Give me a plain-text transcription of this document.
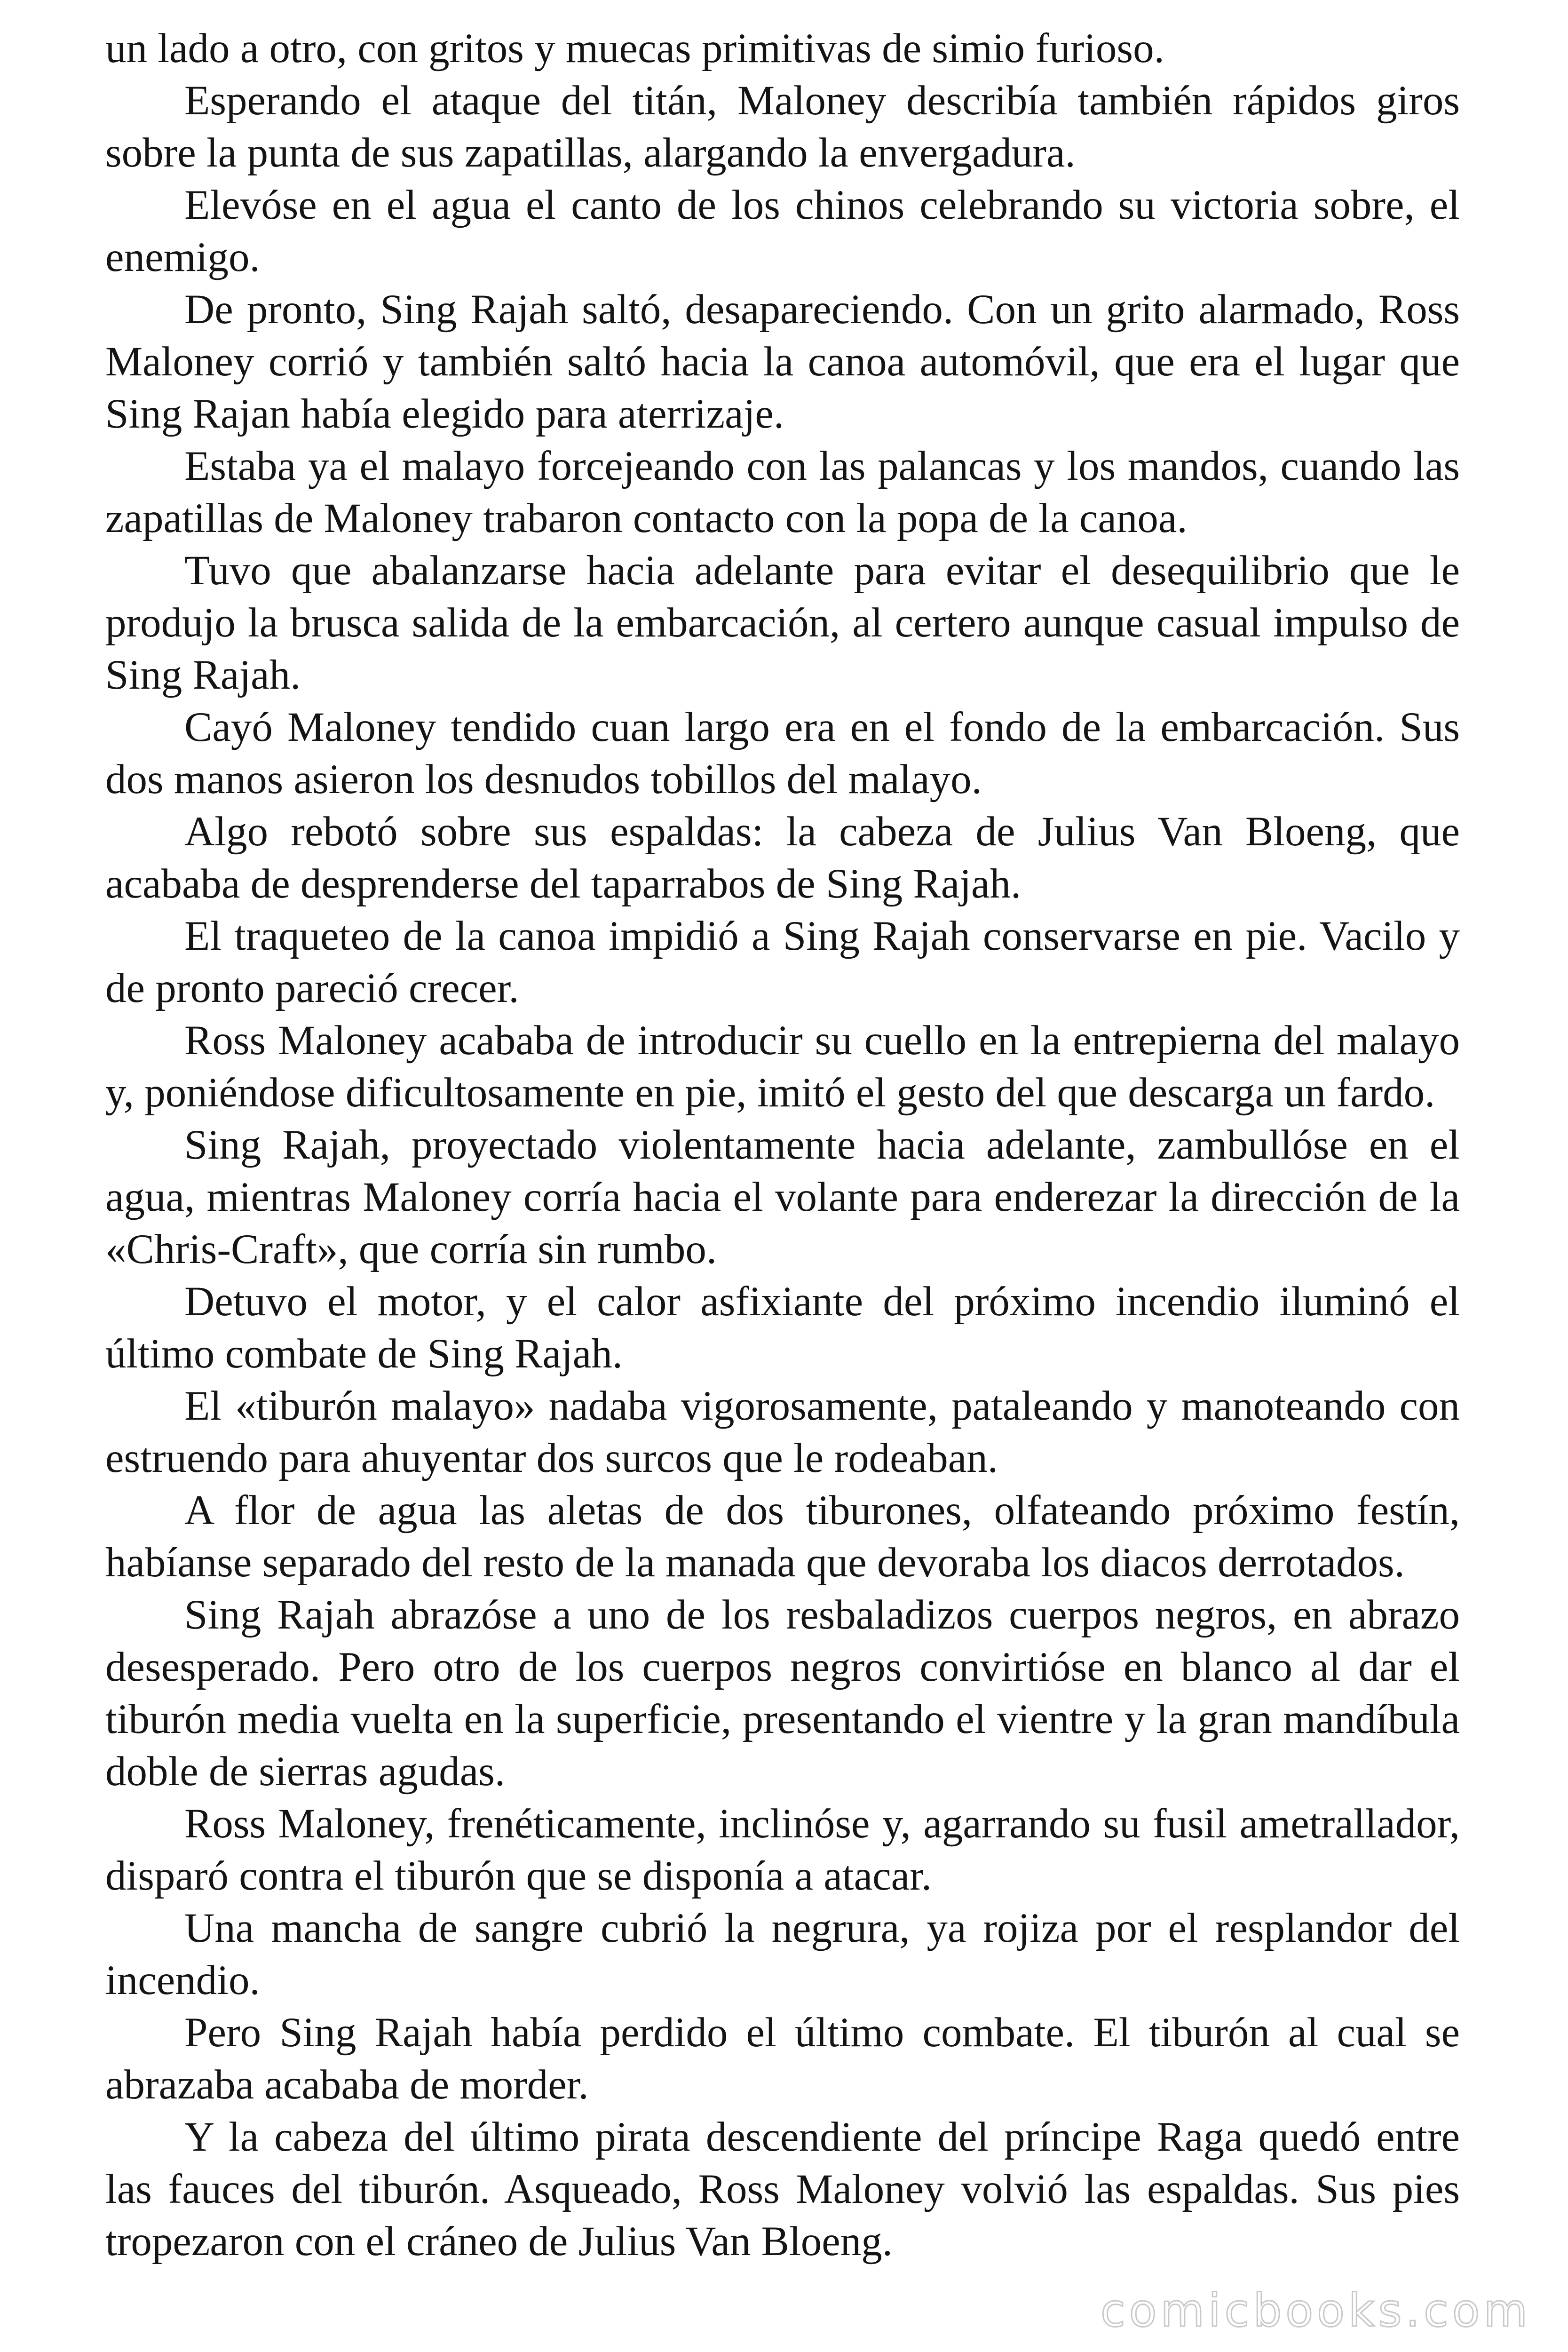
un lado a otro, con gritos y muecas primitivas de simio furioso.

Esperando el ataque del titán, Maloney describía también rápidos giros sobre la punta de sus zapatillas, alargando la envergadura.

Elevóse en el agua el canto de los chinos celebrando su victoria sobre, el enemigo.

De pronto, Sing Rajah saltó, desapareciendo. Con un grito alarmado, Ross Maloney corrió y también saltó hacia la canoa automóvil, que era el lugar que Sing Rajan había elegido para aterrizaje.

Estaba ya el malayo forcejeando con las palancas y los mandos, cuando las zapatillas de Maloney trabaron contacto con la popa de la canoa.

Tuvo que abalanzarse hacia adelante para evitar el desequilibrio que le produjo la brusca salida de la embarcación, al certero aunque casual impulso de Sing Rajah.

Cayó Maloney tendido cuan largo era en el fondo de la embarcación. Sus dos manos asieron los desnudos tobillos del malayo.

Algo rebotó sobre sus espaldas: la cabeza de Julius Van Bloeng, que acababa de desprenderse del taparrabos de Sing Rajah.

El traqueteo de la canoa impidió a Sing Rajah conservarse en pie. Vacilo y de pronto pareció crecer.

Ross Maloney acababa de introducir su cuello en la entrepierna del malayo y, poniéndose dificultosamente en pie, imitó el gesto del que descarga un fardo.

Sing Rajah, proyectado violentamente hacia adelante, zambullóse en el agua, mientras Maloney corría hacia el volante para enderezar la dirección de la «Chris-Craft», que corría sin rumbo.

Detuvo el motor, y el calor asfixiante del próximo incendio iluminó el último combate de Sing Rajah.

El «tiburón malayo» nadaba vigorosamente, pataleando y manoteando con estruendo para ahuyentar dos surcos que le rodeaban.

A flor de agua las aletas de dos tiburones, olfateando próximo festín, habíanse separado del resto de la manada que devoraba los diacos derrotados.

Sing Rajah abrazóse a uno de los resbaladizos cuerpos negros, en abrazo desesperado. Pero otro de los cuerpos negros convirtióse en blanco al dar el tiburón media vuelta en la superficie, presentando el vientre y la gran mandíbula doble de sierras agudas.

Ross Maloney, frenéticamente, inclinóse y, agarrando su fusil ametrallador, disparó contra el tiburón que se disponía a atacar.

Una mancha de sangre cubrió la negrura, ya rojiza por el resplandor del incendio.

Pero Sing Rajah había perdido el último combate. El tiburón al cual se abrazaba acababa de morder.

Y la cabeza del último pirata descendiente del príncipe Raga quedó entre las fauces del tiburón. Asqueado, Ross Maloney volvió las espaldas. Sus pies tropezaron con el cráneo de Julius Van Bloeng.

comicbooks.com
